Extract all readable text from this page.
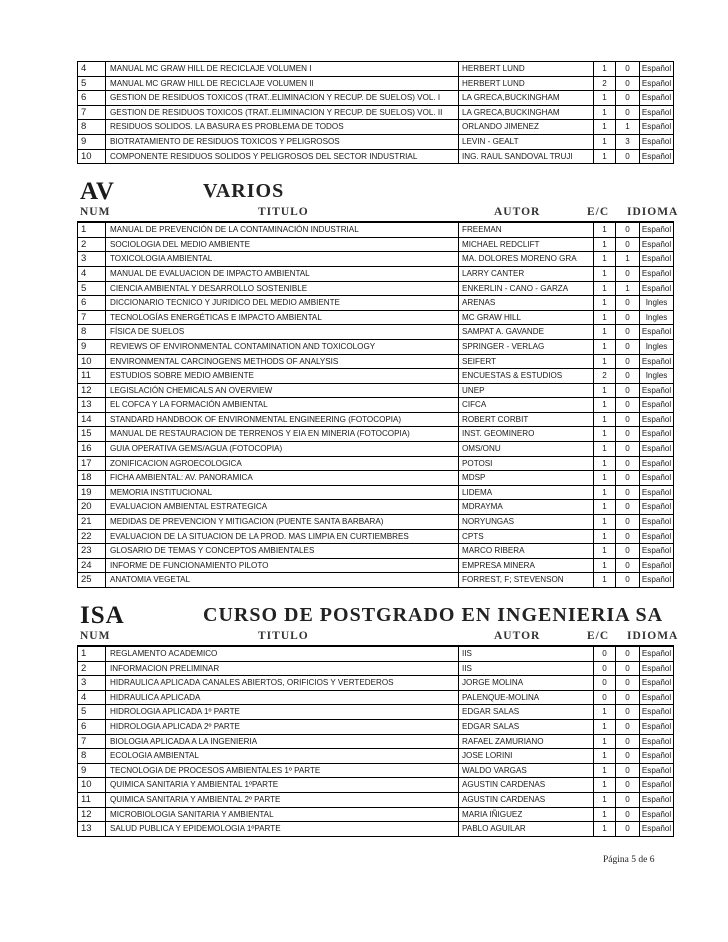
4	MANUAL MC GRAW HILL DE RECICLAJE VOLUMEN I	HERBERT LUND	1	0	Español
5	MANUAL MC GRAW HILL DE RECICLAJE VOLUMEN II	HERBERT LUND	2	0	Español
6	GESTION DE RESIDUOS TOXICOS (TRAT..ELIMINACION Y RECUP. DE SUELOS) VOL. I	LA GRECA,BUCKINGHAM	1	0	Español
7	GESTION DE RESIDUOS TOXICOS (TRAT..ELIMINACION Y RECUP. DE SUELOS) VOL. II	LA GRECA,BUCKINGHAM	1	0	Español
8	RESIDUOS SOLIDOS. LA BASURA ES PROBLEMA DE TODOS	ORLANDO JIMENEZ	1	1	Español
9	BIOTRATAMIENTO DE RESIDUOS TOXICOS Y PELIGROSOS	LEVIN - GEALT	1	3	Español
10	COMPONENTE RESIDUOS SOLIDOS Y PELIGROSOS DEL SECTOR INDUSTRIAL	ING. RAUL SANDOVAL TRUJI	1	0	Español
AV	VARIOS
NUM	TITULO	AUTOR	E/C IDIOMA
1	MANUAL DE PREVENCIÓN DE LA CONTAMINACIÓN INDUSTRIAL	FREEMAN	1	0	Español
2	SOCIOLOGIA DEL MEDIO AMBIENTE	MICHAEL REDCLIFT	1	0	Español
3	TOXICOLOGIA AMBIENTAL	MA. DOLORES MORENO GRA	1	1	Español
4	MANUAL DE EVALUACION DE IMPACTO AMBIENTAL	LARRY CANTER	1	0	Español
5	CIENCIA AMBIENTAL Y DESARROLLO SOSTENIBLE	ENKERLIN - CANO - GARZA	1	1	Español
6	DICCIONARIO TECNICO Y JURIDICO DEL MEDIO AMBIENTE	ARENAS	1	0	Ingles
7	TECNOLOGÍAS ENERGÉTICAS E IMPACTO AMBIENTAL	MC GRAW HILL	1	0	Ingles
8	FÍSICA DE SUELOS	SAMPAT A. GAVANDE	1	0	Español
9	REVIEWS OF ENVIRONMENTAL CONTAMINATION AND TOXICOLOGY	SPRINGER - VERLAG	1	0	Ingles
10	ENVIRONMENTAL CARCINOGENS METHODS OF ANALYSIS	SEIFERT	1	0	Español
11	ESTUDIOS SOBRE MEDIO AMBIENTE	ENCUESTAS & ESTUDIOS	2	0	Ingles
12	LEGISLACIÓN CHEMICALS AN OVERVIEW	UNEP	1	0	Español
13	EL COFCA Y LA FORMACIÓN AMBIENTAL	CIFCA	1	0	Español
14	STANDARD HANDBOOK OF ENVIRONMENTAL ENGINEERING (FOTOCOPIA)	ROBERT CORBIT	1	0	Español
15	MANUAL DE RESTAURACION DE TERRENOS Y EIA EN MINERIA (FOTOCOPIA)	INST. GEOMINERO	1	0	Español
16	GUIA OPERATIVA GEMS/AGUA (FOTOCOPIA)	OMS/ONU	1	0	Español
17	ZONIFICACION AGROECOLOGICA	POTOSI	1	0	Español
18	FICHA AMBIENTAL: AV. PANORAMICA	MDSP	1	0	Español
19	MEMORIA INSTITUCIONAL	LIDEMA	1	0	Español
20	EVALUACION AMBIENTAL ESTRATEGICA	MDRAYMA	1	0	Español
21	MEDIDAS DE PREVENCION Y MITIGACION (PUENTE SANTA BARBARA)	NORYUNGAS	1	0	Español
22	EVALUACION DE LA SITUACION DE LA PROD. MAS LIMPIA EN CURTIEMBRES	CPTS	1	0	Español
23	GLOSARIO DE TEMAS Y CONCEPTOS AMBIENTALES	MARCO RIBERA	1	0	Español
24	INFORME DE FUNCIONAMIENTO PILOTO	EMPRESA MINERA	1	0	Español
25	ANATOMIA VEGETAL	FORREST, F; STEVENSON	1	0	Español
ISA	CURSO DE POSTGRADO EN INGENIERIA SA
NUM	TITULO	AUTOR	E/C IDIOMA
1	REGLAMENTO ACADEMICO	IIS	0	0	Español
2	INFORMACION PRELIMINAR	IIS	0	0	Español
3	HIDRAULICA APLICADA CANALES ABIERTOS, ORIFICIOS Y VERTEDEROS	JORGE MOLINA	0	0	Español
4	HIDRAULICA APLICADA	PALENQUE-MOLINA	0	0	Español
5	HIDROLOGIA APLICADA 1º PARTE	EDGAR SALAS	1	0	Español
6	HIDROLOGIA APLICADA 2º PARTE	EDGAR SALAS	1	0	Español
7	BIOLOGIA APLICADA A LA INGENIERIA	RAFAEL ZAMURIANO	1	0	Español
8	ECOLOGIA AMBIENTAL	JOSE LORINI	1	0	Español
9	TECNOLOGIA DE PROCESOS AMBIENTALES 1º PARTE	WALDO VARGAS	1	0	Español
10	QUIMICA SANITARIA Y AMBIENTAL 1ºPARTE	AGUSTIN CARDENAS	1	0	Español
11	QUIMICA SANITARIA Y AMBIENTAL 2º PARTE	AGUSTIN CARDENAS	1	0	Español
12	MICROBIOLOGIA SANITARIA Y AMBIENTAL	MARIA IÑIGUEZ	1	0	Español
13	SALUD PUBLICA Y EPIDEMOLOGIA 1ºPARTE	PABLO AGUILAR	1	0	Español
Página 5 de 6
